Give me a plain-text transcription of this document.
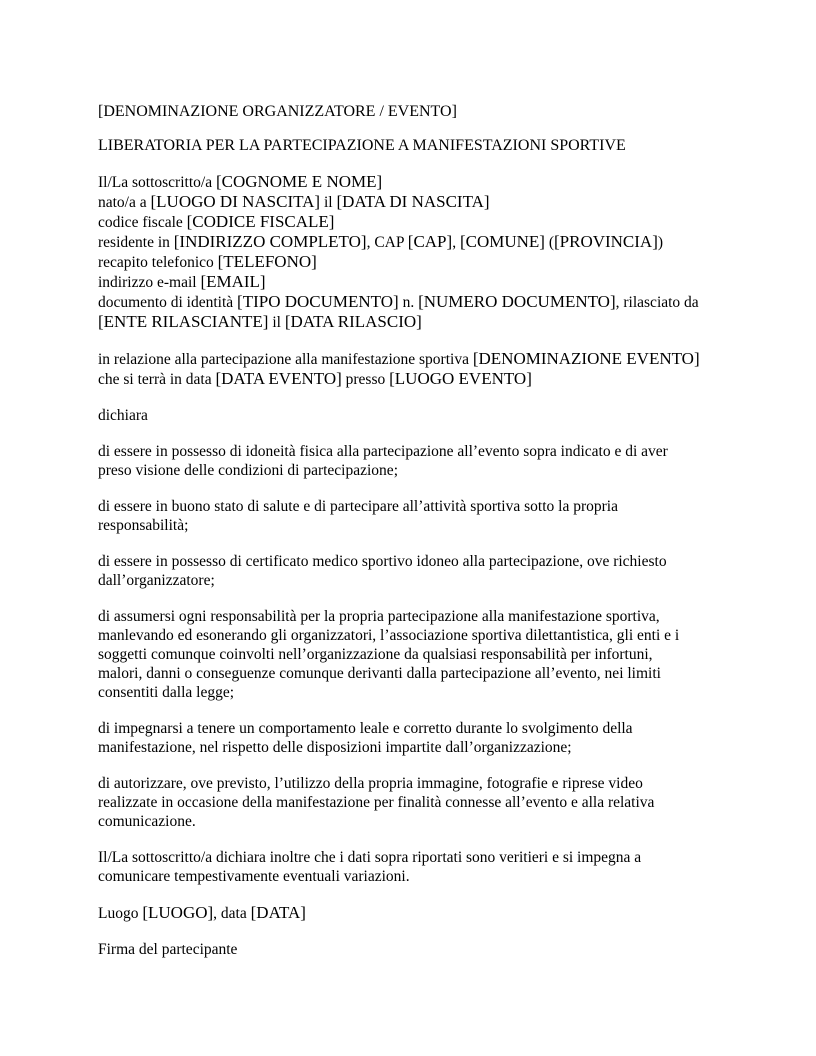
[DENOMINAZIONE ORGANIZZATORE / EVENTO]
LIBERATORIA PER LA PARTECIPAZIONE A MANIFESTAZIONI SPORTIVE
Il/La sottoscritto/a [COGNOME E NOME]
nato/a a [LUOGO DI NASCITA] il [DATA DI NASCITA]
codice fiscale [CODICE FISCALE]
residente in [INDIRIZZO COMPLETO], CAP [CAP], [COMUNE] ([PROVINCIA])
recapito telefonico [TELEFONO]
indirizzo e-mail [EMAIL]
documento di identità [TIPO DOCUMENTO] n. [NUMERO DOCUMENTO], rilasciato da
[ENTE RILASCIANTE] il [DATA RILASCIO]
in relazione alla partecipazione alla manifestazione sportiva [DENOMINAZIONE EVENTO]
che si terrà in data [DATA EVENTO] presso [LUOGO EVENTO]
dichiara
di essere in possesso di idoneità fisica alla partecipazione all’evento sopra indicato e di aver
preso visione delle condizioni di partecipazione;
di essere in buono stato di salute e di partecipare all’attività sportiva sotto la propria
responsabilità;
di essere in possesso di certificato medico sportivo idoneo alla partecipazione, ove richiesto
dall’organizzatore;
di assumersi ogni responsabilità per la propria partecipazione alla manifestazione sportiva,
manlevando ed esonerando gli organizzatori, l’associazione sportiva dilettantistica, gli enti e i
soggetti comunque coinvolti nell’organizzazione da qualsiasi responsabilità per infortuni,
malori, danni o conseguenze comunque derivanti dalla partecipazione all’evento, nei limiti
consentiti dalla legge;
di impegnarsi a tenere un comportamento leale e corretto durante lo svolgimento della
manifestazione, nel rispetto delle disposizioni impartite dall’organizzazione;
di autorizzare, ove previsto, l’utilizzo della propria immagine, fotografie e riprese video
realizzate in occasione della manifestazione per finalità connesse all’evento e alla relativa
comunicazione.
Il/La sottoscritto/a dichiara inoltre che i dati sopra riportati sono veritieri e si impegna a
comunicare tempestivamente eventuali variazioni.
Luogo [LUOGO], data [DATA]
Firma del partecipante
